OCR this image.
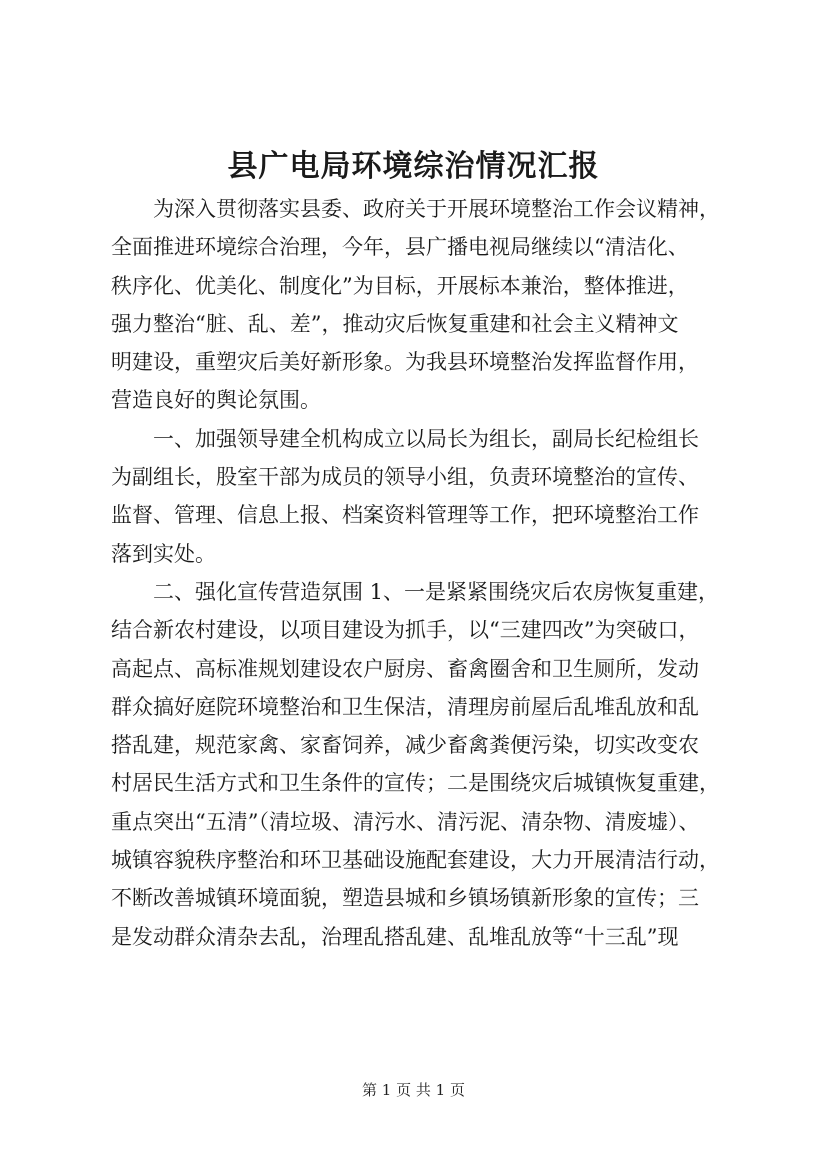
县广电局环境综治情况汇报
　　为深入贯彻落实县委、政府关于开展环境整治工作会议精神，
全面推进环境综合治理，今年，县广播电视局继续以“清洁化、
秩序化、优美化、制度化”为目标，开展标本兼治，整体推进，
强力整治“脏、乱、差”，推动灾后恢复重建和社会主义精神文
明建设，重塑灾后美好新形象。为我县环境整治发挥监督作用，
营造良好的舆论氛围。
　　一、加强领导建全机构成立以局长为组长，副局长纪检组长
为副组长，股室干部为成员的领导小组，负责环境整治的宣传、
监督、管理、信息上报、档案资料管理等工作，把环境整治工作
落到实处。
　　二、强化宣传营造氛围 1、一是紧紧围绕灾后农房恢复重建，
结合新农村建设，以项目建设为抓手，以“三建四改”为突破口，
高起点、高标准规划建设农户厨房、畜禽圈舍和卫生厕所，发动
群众搞好庭院环境整治和卫生保洁，清理房前屋后乱堆乱放和乱
搭乱建，规范家禽、家畜饲养，减少畜禽粪便污染，切实改变农
村居民生活方式和卫生条件的宣传；二是围绕灾后城镇恢复重建，
重点突出“五清”（清垃圾、清污水、清污泥、清杂物、清废墟）、
城镇容貌秩序整治和环卫基础设施配套建设，大力开展清洁行动，
不断改善城镇环境面貌，塑造县城和乡镇场镇新形象的宣传；三
是发动群众清杂去乱，治理乱搭乱建、乱堆乱放等“十三乱”现
第 1 页 共 1 页
